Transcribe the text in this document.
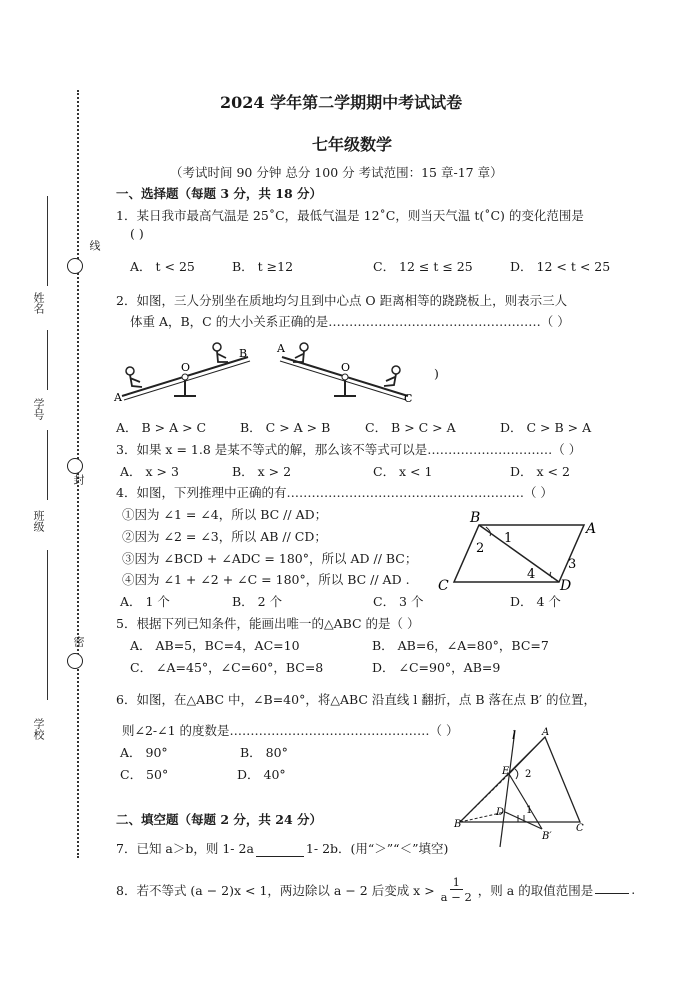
线
封
密
姓名
学号
班级
学校
2024 学年第二学期期中考试试卷
七年级数学
（考试时间 90 分钟 总分 100 分 考试范围：15 章-17 章）
一、选择题（每题 3 分，共 18 分）
1．某日我市最高气温是 25˚C，最低气温是 12˚C，则当天气温 t(˚C) 的变化范围是
( )
A． t < 25	B． t ≥12	C． 12 ≤ t ≤ 25	D． 12 < t < 25
2．如图，三人分别坐在质地均匀且到中心点 O 距离相等的跷跷板上，则表示三人
体重 A，B，C 的大小关系正确的是……………………………………………（ ）
A
O
B	A
O
C
)
A． B > A > C	B． C > A > B	C． B > C > A	D． C > B > A
3．如果 x = 1.8 是某不等式的解，那么该不等式可以是…………………………（ ）
A． x > 3	B． x > 2	C． x < 1	D． x < 2
4．如图，下列推理中正确的有…………………………………………………（ ）
①因为 ∠1 = ∠4，所以 BC // AD；
②因为 ∠2 = ∠3，所以 AB // CD；
③因为 ∠BCD + ∠ADC = 180°，所以 AD // BC；
④因为 ∠1 + ∠2 + ∠C = 180°，所以 BC // AD .
B
A
1
2
3
4
C	D
A． 1 个	B． 2 个	C． 3 个	D． 4 个
5．根据下列已知条件，能画出唯一的△ABC 的是（ ）
A． AB=5，BC=4，AC=10	B． AB=6，∠A=80°，BC=7
C． ∠A=45°，∠C=60°，BC=8	D． ∠C=90°，AB=9
6．如图，在△ABC 中，∠B=40°，将△ABC 沿直线 l 翻折，点 B 落在点 B′ 的位置，
则∠2-∠1 的度数是…………………………………………（ ）
A． 90°	B． 80°
C． 50°	D． 40°
l	A
E 2
D 1
B	C
B′
二、填空题（每题 2 分，共 24 分）
7．已知 a＞b，则 1- 2a	1- 2b．(用“＞”“＜”填空)
8．若不等式 (a − 2)x < 1，两边除以 a − 2 后变成 $x > \frac{1}{a - 2}$ ，则 a 的取值范围是
	.
